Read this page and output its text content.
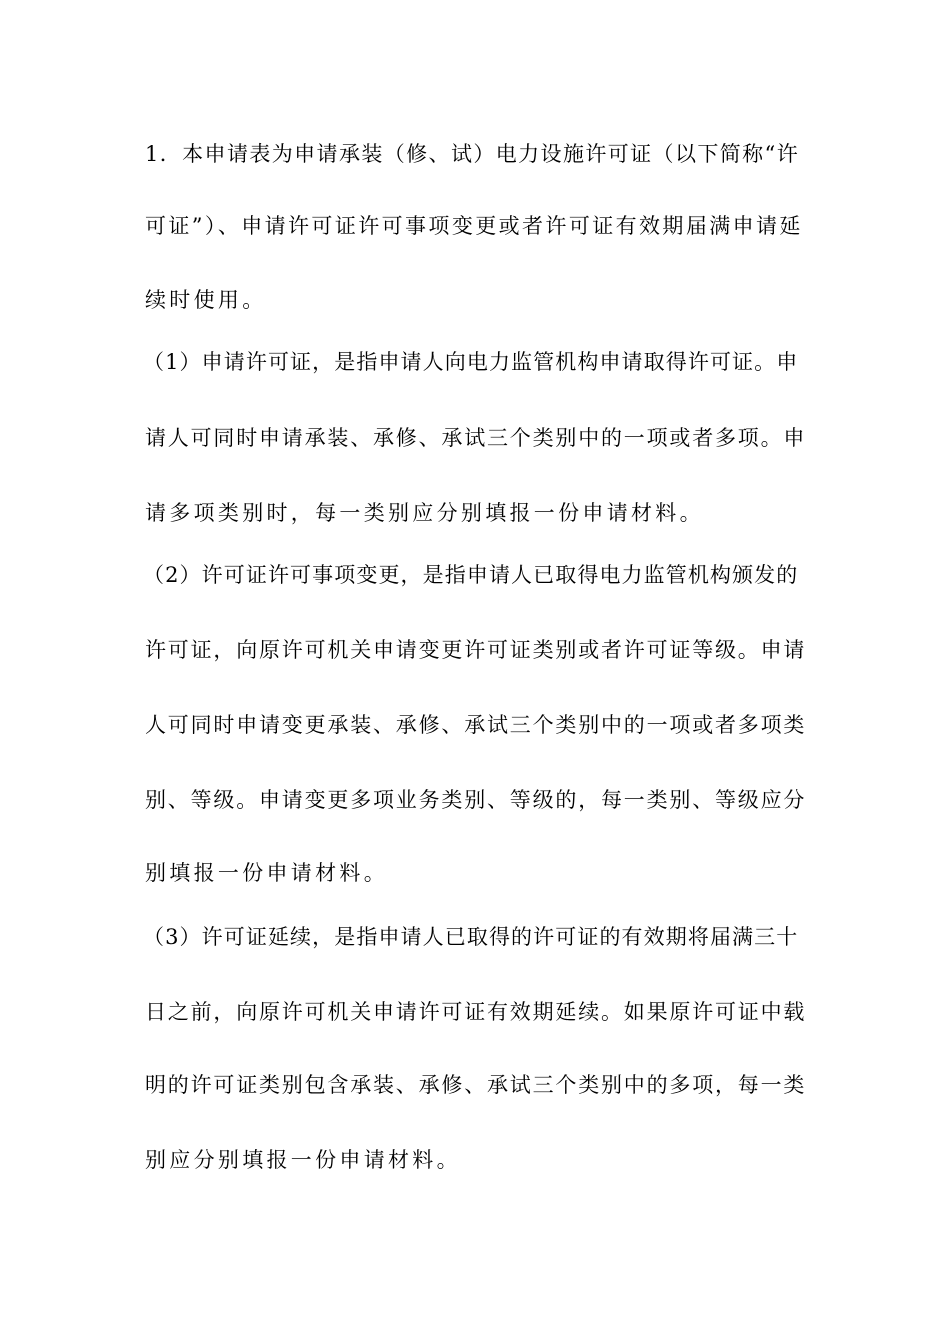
1．本申请表为申请承装（修、试）电力设施许可证（以下简称“许
可证”）、申请许可证许可事项变更或者许可证有效期届满申请延
续时使用。
（1）申请许可证，是指申请人向电力监管机构申请取得许可证。申
请人可同时申请承装、承修、承试三个类别中的一项或者多项。申
请多项类别时，每一类别应分别填报一份申请材料。
（2）许可证许可事项变更，是指申请人已取得电力监管机构颁发的
许可证，向原许可机关申请变更许可证类别或者许可证等级。申请
人可同时申请变更承装、承修、承试三个类别中的一项或者多项类
别、等级。申请变更多项业务类别、等级的，每一类别、等级应分
别填报一份申请材料。
（3）许可证延续，是指申请人已取得的许可证的有效期将届满三十
日之前，向原许可机关申请许可证有效期延续。如果原许可证中载
明的许可证类别包含承装、承修、承试三个类别中的多项，每一类
别应分别填报一份申请材料。
